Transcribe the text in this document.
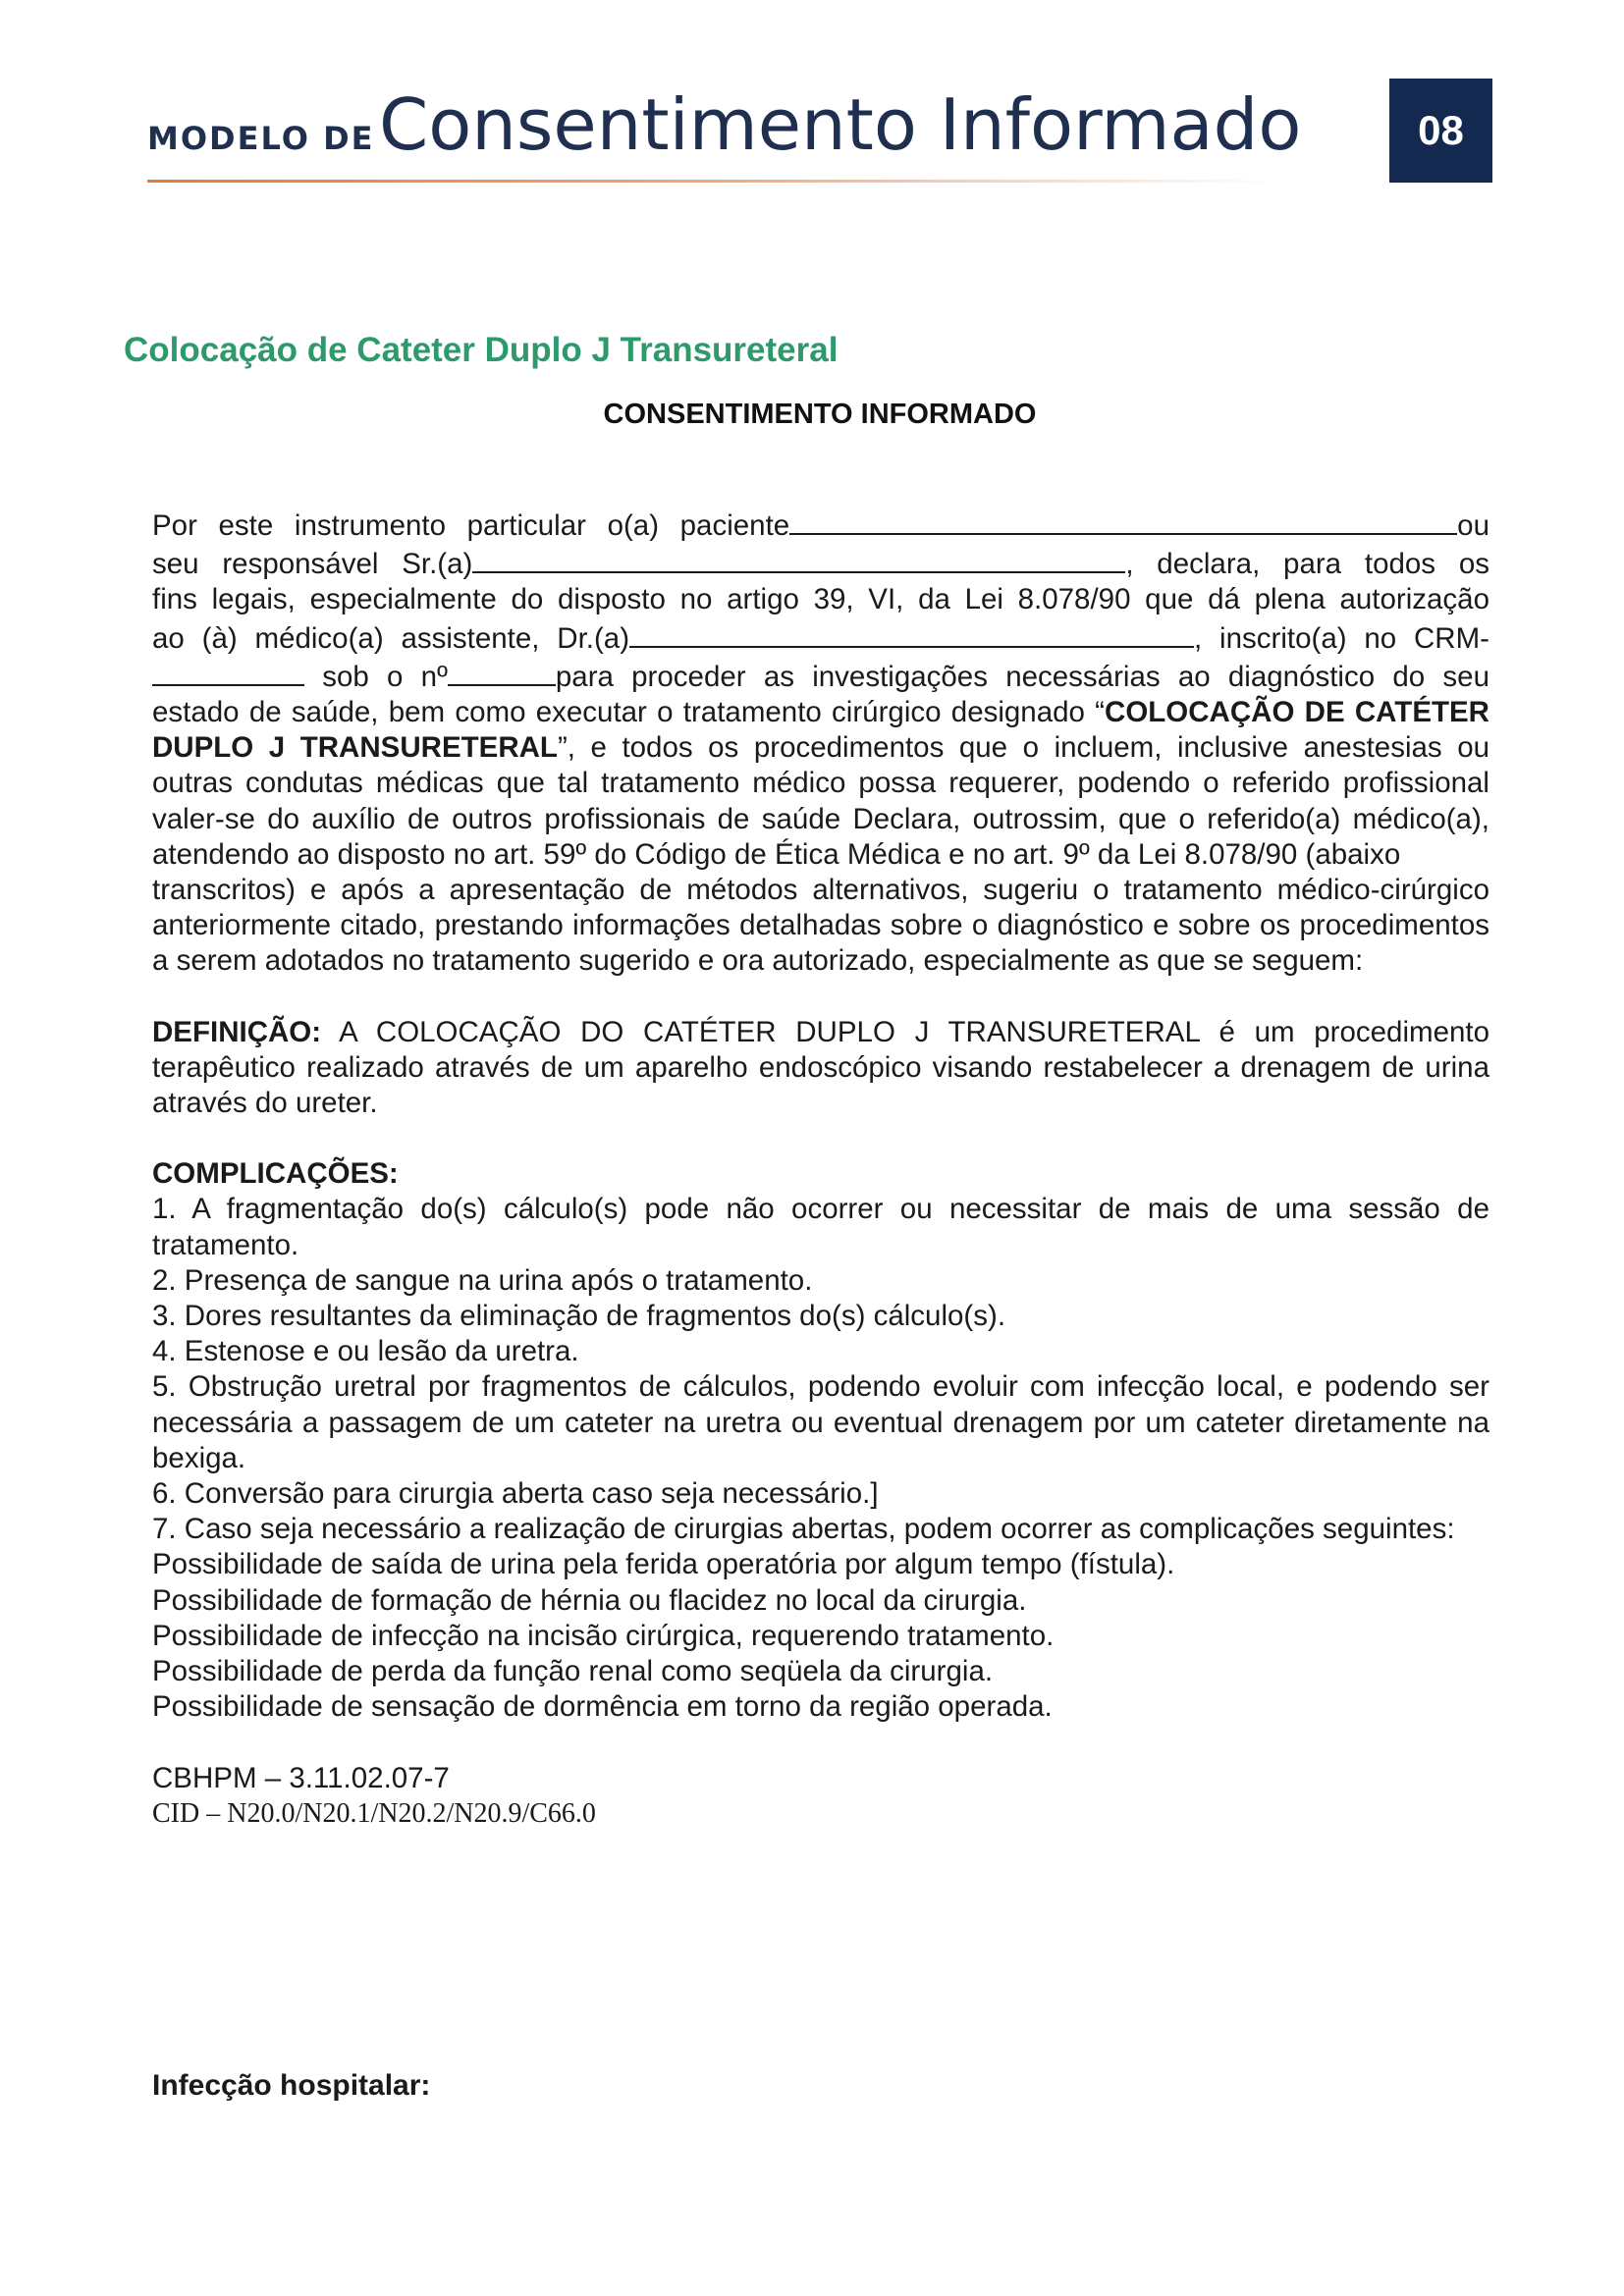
MODELO DE Consentimento Informado	08
Colocação de Cateter Duplo J Transureteral
CONSENTIMENTO INFORMADO

Por este instrumento particular o(a) paciente	ou

seu responsável Sr.(a)	, declara, para todos os

fins legais, especialmente do disposto no artigo 39, VI, da Lei 8.078/90 que dá plena autorização

ao (à) médico(a) assistente, Dr.(a)	, inscrito(a) no CRM-

sob o nº	para proceder as investigações necessárias ao diagnóstico do seu

estado de saúde, bem como executar o tratamento cirúrgico designado “COLOCAÇÃO DE CATÉTER DUPLO J TRANSURETERAL”, e todos os procedimentos que o incluem, inclusive anestesias ou outras condutas médicas que tal tratamento médico possa requerer, podendo o referido profissional valer-se do auxílio de outros profissionais de saúde Declara, outrossim, que o referido(a) médico(a), atendendo ao disposto no art. 59º do Código de Ética Médica e no art. 9º da Lei 8.078/90 (abaixo

transcritos) e após a apresentação de métodos alternativos, sugeriu o tratamento médico-cirúrgico anteriormente citado, prestando informações detalhadas sobre o diagnóstico e sobre os procedimentos a serem adotados no tratamento sugerido e ora autorizado, especialmente as que se seguem:

DEFINIÇÃO: A COLOCAÇÃO DO CATÉTER DUPLO J TRANSURETERAL é um procedimento terapêutico realizado através de um aparelho endoscópico visando restabelecer a drenagem de urina através do ureter.

COMPLICAÇÕES:

1. A fragmentação do(s) cálculo(s) pode não ocorrer ou necessitar de mais de uma sessão de tratamento.

2. Presença de sangue na urina após o tratamento.

3. Dores resultantes da eliminação de fragmentos do(s) cálculo(s).

4. Estenose e ou lesão da uretra.

5. Obstrução uretral por fragmentos de cálculos, podendo evoluir com infecção local, e podendo ser necessária a passagem de um cateter na uretra ou eventual drenagem por um cateter diretamente na bexiga.

6. Conversão para cirurgia aberta caso seja necessário.]

7. Caso seja necessário a realização de cirurgias abertas, podem ocorrer as complicações seguintes:

Possibilidade de saída de urina pela ferida operatória por algum tempo (fístula).

Possibilidade de formação de hérnia ou flacidez no local da cirurgia.

Possibilidade de infecção na incisão cirúrgica, requerendo tratamento.

Possibilidade de perda da função renal como seqüela da cirurgia.

Possibilidade de sensação de dormência em torno da região operada.

CBHPM – 3.11.02.07-7

CID – N20.0/N20.1/N20.2/N20.9/C66.0

Infecção hospitalar:
